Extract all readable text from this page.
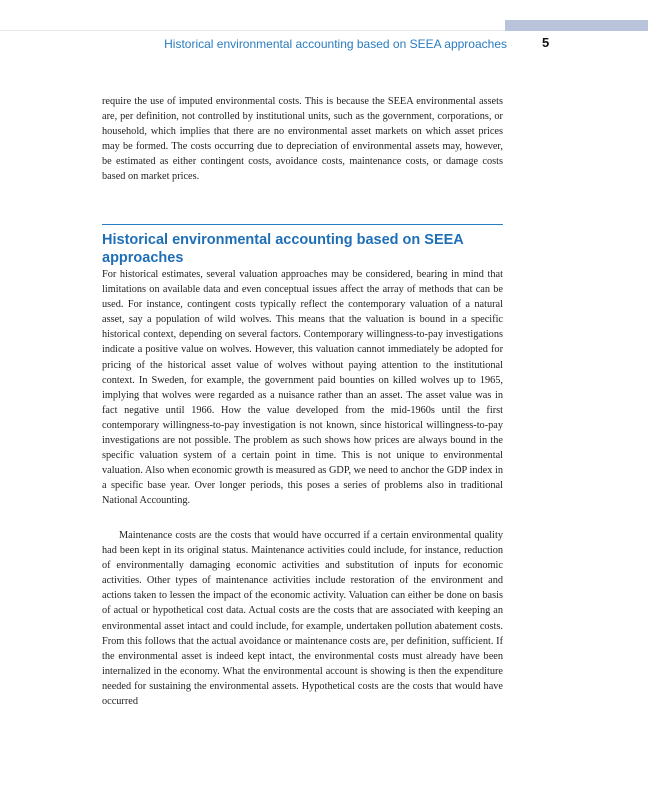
Historical environmental accounting based on SEEA approaches	5

require the use of imputed environmental costs. This is because the SEEA environmental assets are, per definition, not controlled by institutional units, such as the government, corporations, or household, which implies that there are no environmental asset markets on which asset prices may be formed. The costs occurring due to depreciation of environmental assets may, however, be estimated as either contingent costs, avoidance costs, maintenance costs, or damage costs based on market prices.

Historical environmental accounting based on SEEA approaches

For historical estimates, several valuation approaches may be considered, bearing in mind that limitations on available data and even conceptual issues affect the array of methods that can be used. For instance, contingent costs typically reflect the contemporary valuation of a natural asset, say a population of wild wolves. This means that the valuation is bound in a specific historical context, depending on several factors. Contemporary willingness-to-pay investigations indicate a positive value on wolves. However, this valuation cannot immediately be adopted for pricing of the historical asset value of wolves without paying attention to the institutional context. In Sweden, for example, the government paid bounties on killed wolves up to 1965, implying that wolves were regarded as a nuisance rather than an asset. The asset value was in fact negative until 1966. How the value developed from the mid-1960s until the first contemporary willingness-to-pay investigation is not known, since historical willingness-to-pay investigations are not possible. The problem as such shows how prices are always bound in the specific valuation system of a certain point in time. This is not unique to environmental valuation. Also when economic growth is measured as GDP, we need to anchor the GDP index in a specific base year. Over longer periods, this poses a series of problems also in traditional National Accounting.

Maintenance costs are the costs that would have occurred if a certain environmental quality had been kept in its original status. Maintenance activities could include, for instance, reduction of environmentally damaging economic activities and substitution of inputs for economic activities. Other types of maintenance activities include restoration of the environment and actions taken to lessen the impact of the economic activity. Valuation can either be done on basis of actual or hypothetical cost data. Actual costs are the costs that are associated with keeping an environmental asset intact and could include, for example, undertaken pollution abatement costs. From this follows that the actual avoidance or maintenance costs are, per definition, sufficient. If the environmental asset is indeed kept intact, the environmental costs must already have been internalized in the economy. What the environmental account is showing is then the expenditure needed for sustaining the environmental assets. Hypothetical costs are the costs that would have occurred
